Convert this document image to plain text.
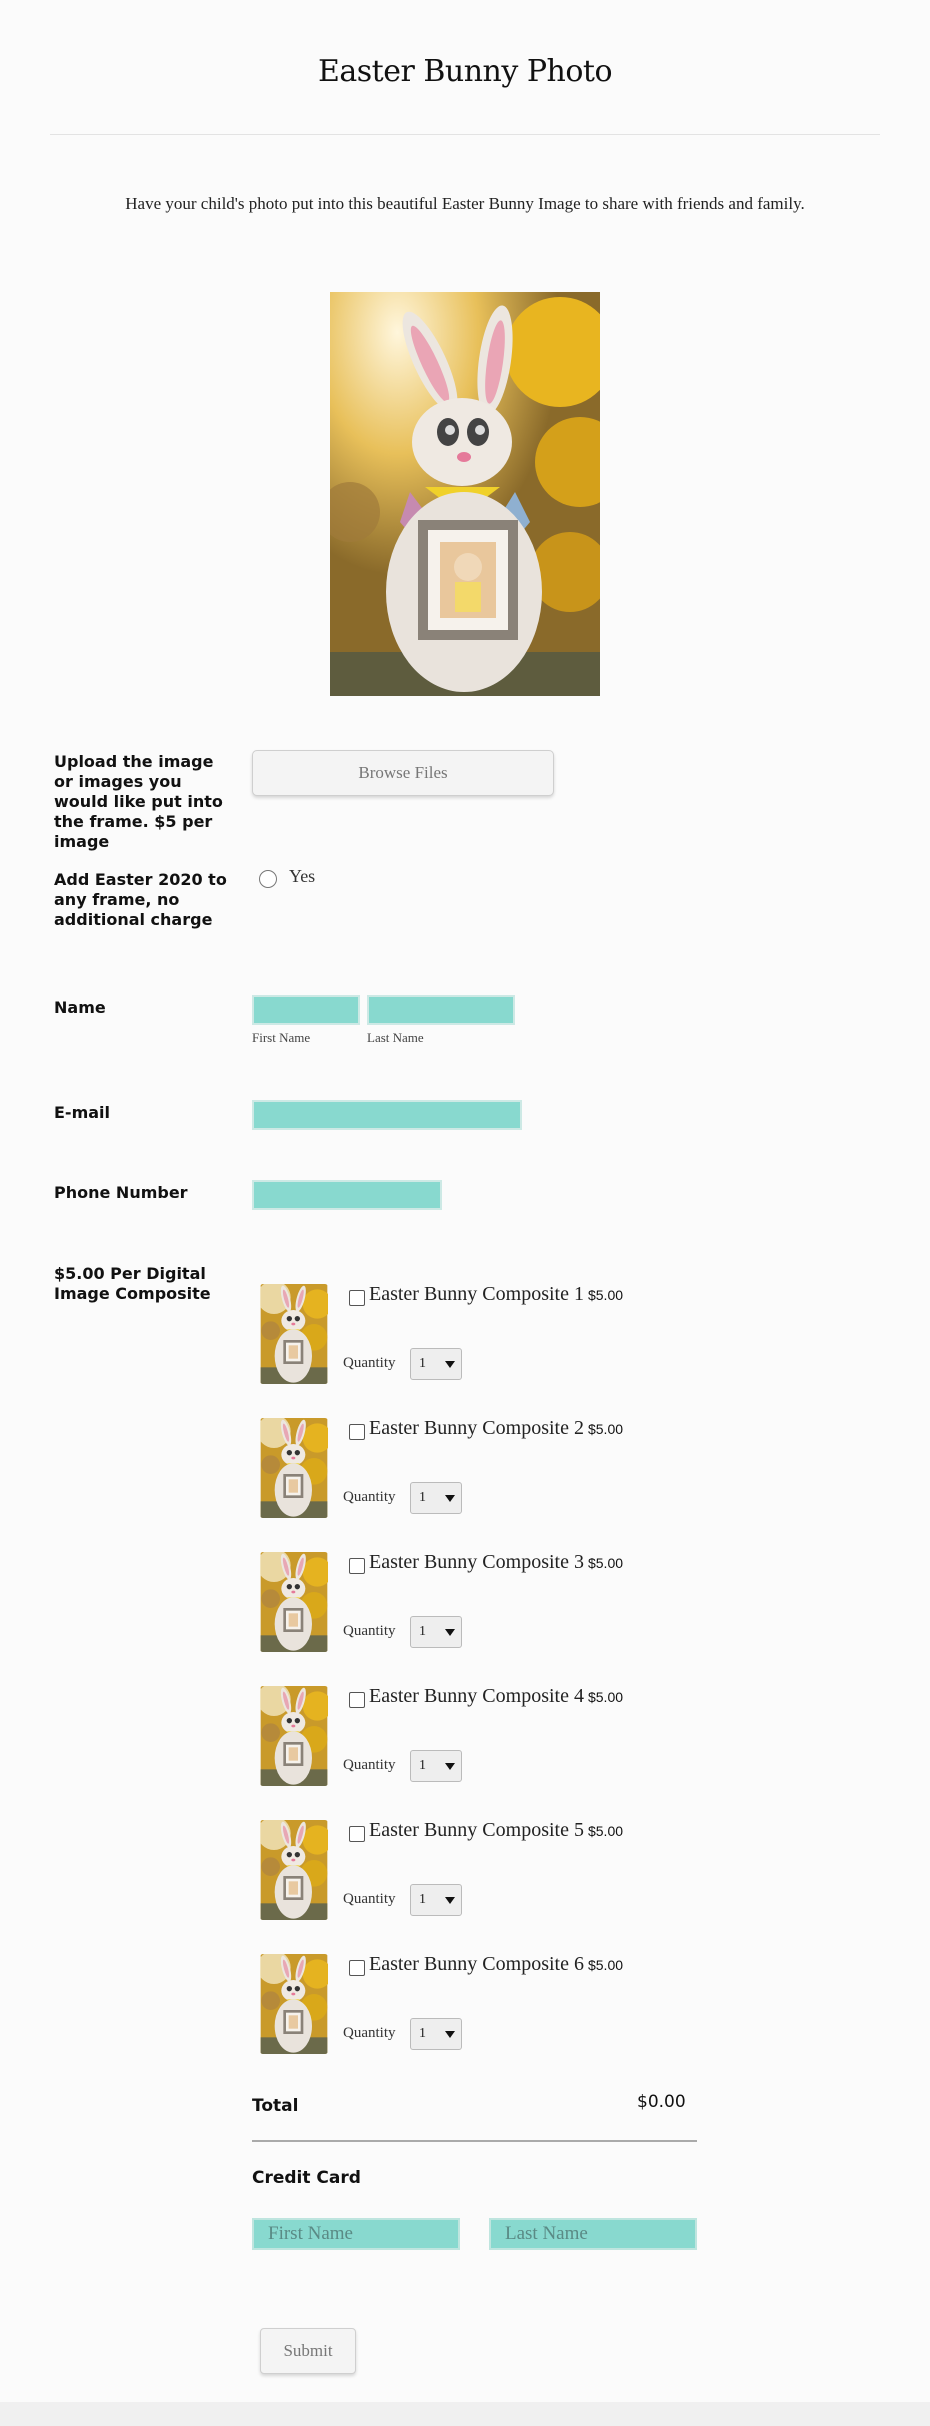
Easter Bunny Photo

Have your child's photo put into this beautiful Easter Bunny Image to share with friends and family.

Upload the image or images you would like put into the frame. $5 per image
Browse Files
Add Easter 2020 to any frame, no additional charge
Yes
Name
First Name	Last Name
E-mail
Phone Number
$5.00 Per Digital Image Composite	Easter Bunny Composite 1 $5.00
Quantity	1
Easter Bunny Composite 2 $5.00
Quantity	1
Easter Bunny Composite 3 $5.00
Quantity	1
Easter Bunny Composite 4 $5.00
Quantity	1
Easter Bunny Composite 5 $5.00
Quantity	1
Easter Bunny Composite 6 $5.00
Quantity	1
Total	$0.00
Credit Card
First Name	Last Name
Submit
